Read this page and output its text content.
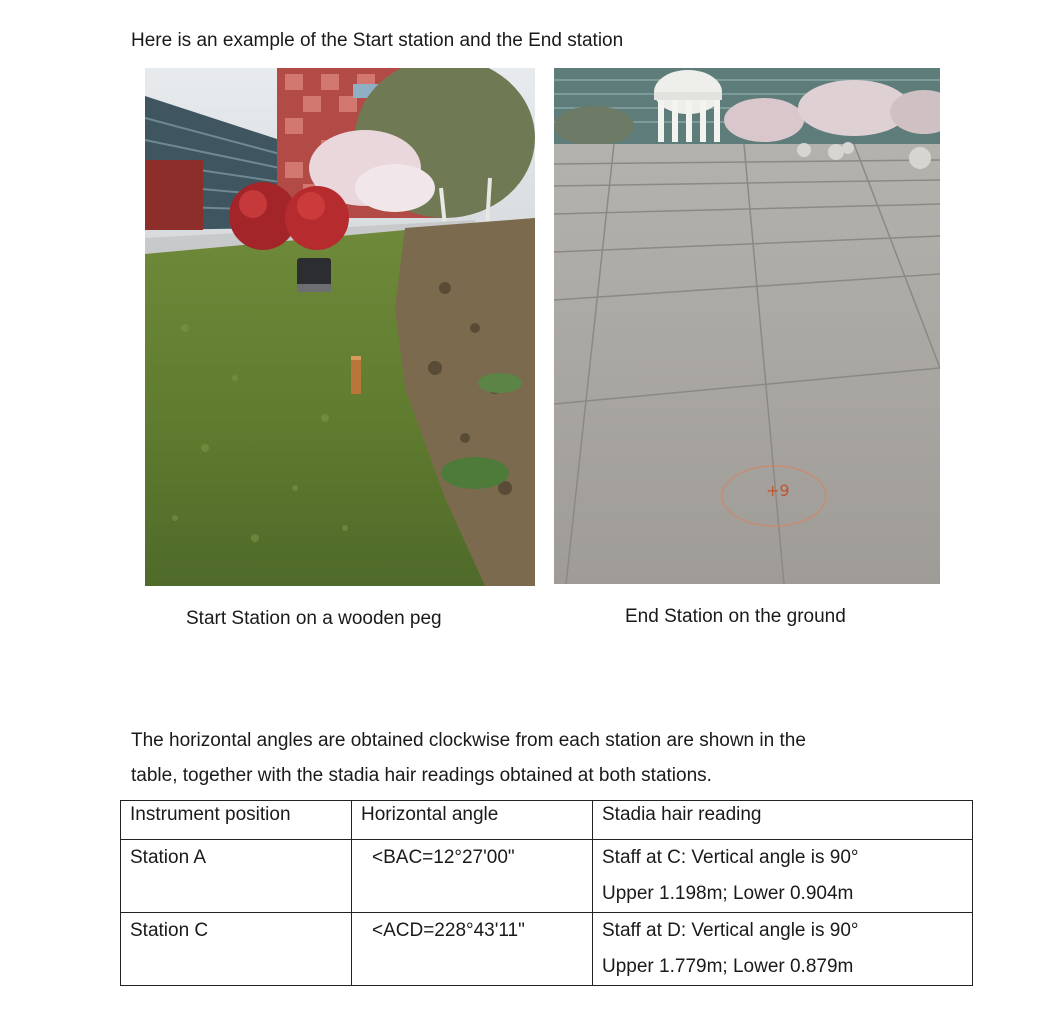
Here is an example of the Start station and the End station
+9
Start Station on a wooden peg	End Station on the ground
The horizontal angles are obtained clockwise from each station are shown in the
table, together with the stadia hair readings obtained at both stations.
Instrument position	Horizontal angle	Stadia hair reading
Station A	<BAC=12°27'00"	Staff at C: Vertical angle is 90°
Upper 1.198m; Lower 0.904m

Station C	<ACD=228°43'11"	Staff at D: Vertical angle is 90°
Upper 1.779m; Lower 0.879m
